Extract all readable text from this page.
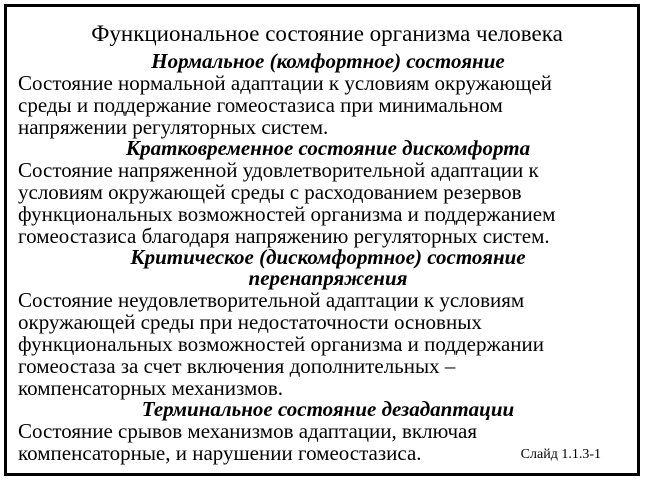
Функциональное состояние организма человека

Нормальное (комфортное) состояние

Состояние нормальной адаптации к условиям окружающей
среды и поддержание гомеостазиса при минимальном
напряжении регуляторных систем.

Кратковременное состояние дискомфорта

Состояние напряженной удовлетворительной адаптации к
условиям окружающей среды с расходованием резервов
функциональных возможностей организма и поддержанием
гомеостазиса благодаря напряжению регуляторных систем.

Критическое (дискомфортное) состояние
перенапряжения

Состояние неудовлетворительной адаптации к условиям
окружающей среды при недостаточности основных
функциональных возможностей организма и поддержании
гомеостаза за счет включения дополнительных –
компенсаторных механизмов.

Терминальное состояние дезадаптации

Состояние срывов механизмов адаптации, включая
компенсаторные, и нарушении гомеостазиса.	Слайд 1.1.3-1
